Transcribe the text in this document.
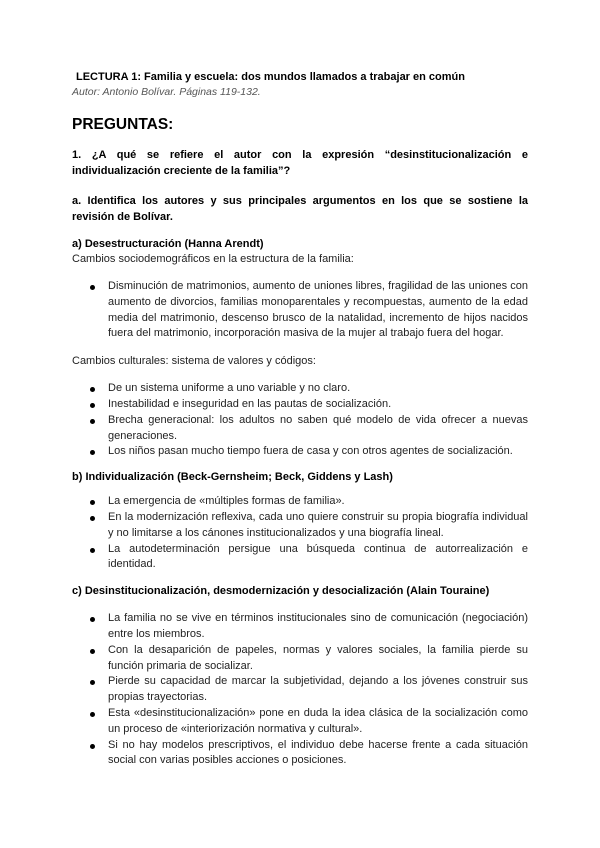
LECTURA 1: Familia y escuela: dos mundos llamados a trabajar en común

Autor: Antonio Bolívar. Páginas 119-132.

PREGUNTAS:

1. ¿A qué se refiere el autor con la expresión “desinstitucionalización e individualización creciente de la familia”?

a. Identifica los autores y sus principales argumentos en los que se sostiene la revisión de Bolívar.

a) Desestructuración (Hanna Arendt)

Cambios sociodemográficos en la estructura de la familia:

Disminución de matrimonios, aumento de uniones libres, fragilidad de las uniones con aumento de divorcios, familias monoparentales y recompuestas, aumento de la edad media del matrimonio, descenso brusco de la natalidad, incremento de hijos nacidos fuera del matrimonio, incorporación masiva de la mujer al trabajo fuera del hogar.

Cambios culturales: sistema de valores y códigos:

De un sistema uniforme a uno variable y no claro.
Inestabilidad e inseguridad en las pautas de socialización.
Brecha generacional: los adultos no saben qué modelo de vida ofrecer a nuevas generaciones.
Los niños pasan mucho tiempo fuera de casa y con otros agentes de socialización.

b) Individualización (Beck-Gernsheim; Beck, Giddens y Lash)

La emergencia de «múltiples formas de familia».
En la modernización reflexiva, cada uno quiere construir su propia biografía individual y no limitarse a los cánones institucionalizados y una biografía lineal.
La autodeterminación persigue una búsqueda continua de autorrealización e identidad.

c) Desinstitucionalización, desmodernización y desocialización (Alain Touraine)

La familia no se vive en términos institucionales sino de comunicación (negociación) entre los miembros.
Con la desaparición de papeles, normas y valores sociales, la familia pierde su función primaria de socializar.
Pierde su capacidad de marcar la subjetividad, dejando a los jóvenes construir sus propias trayectorias.
Esta «desinstitucionalización» pone en duda la idea clásica de la socialización como un proceso de «interiorización normativa y cultural».
Si no hay modelos prescriptivos, el individuo debe hacerse frente a cada situación social con varias posibles acciones o posiciones.
